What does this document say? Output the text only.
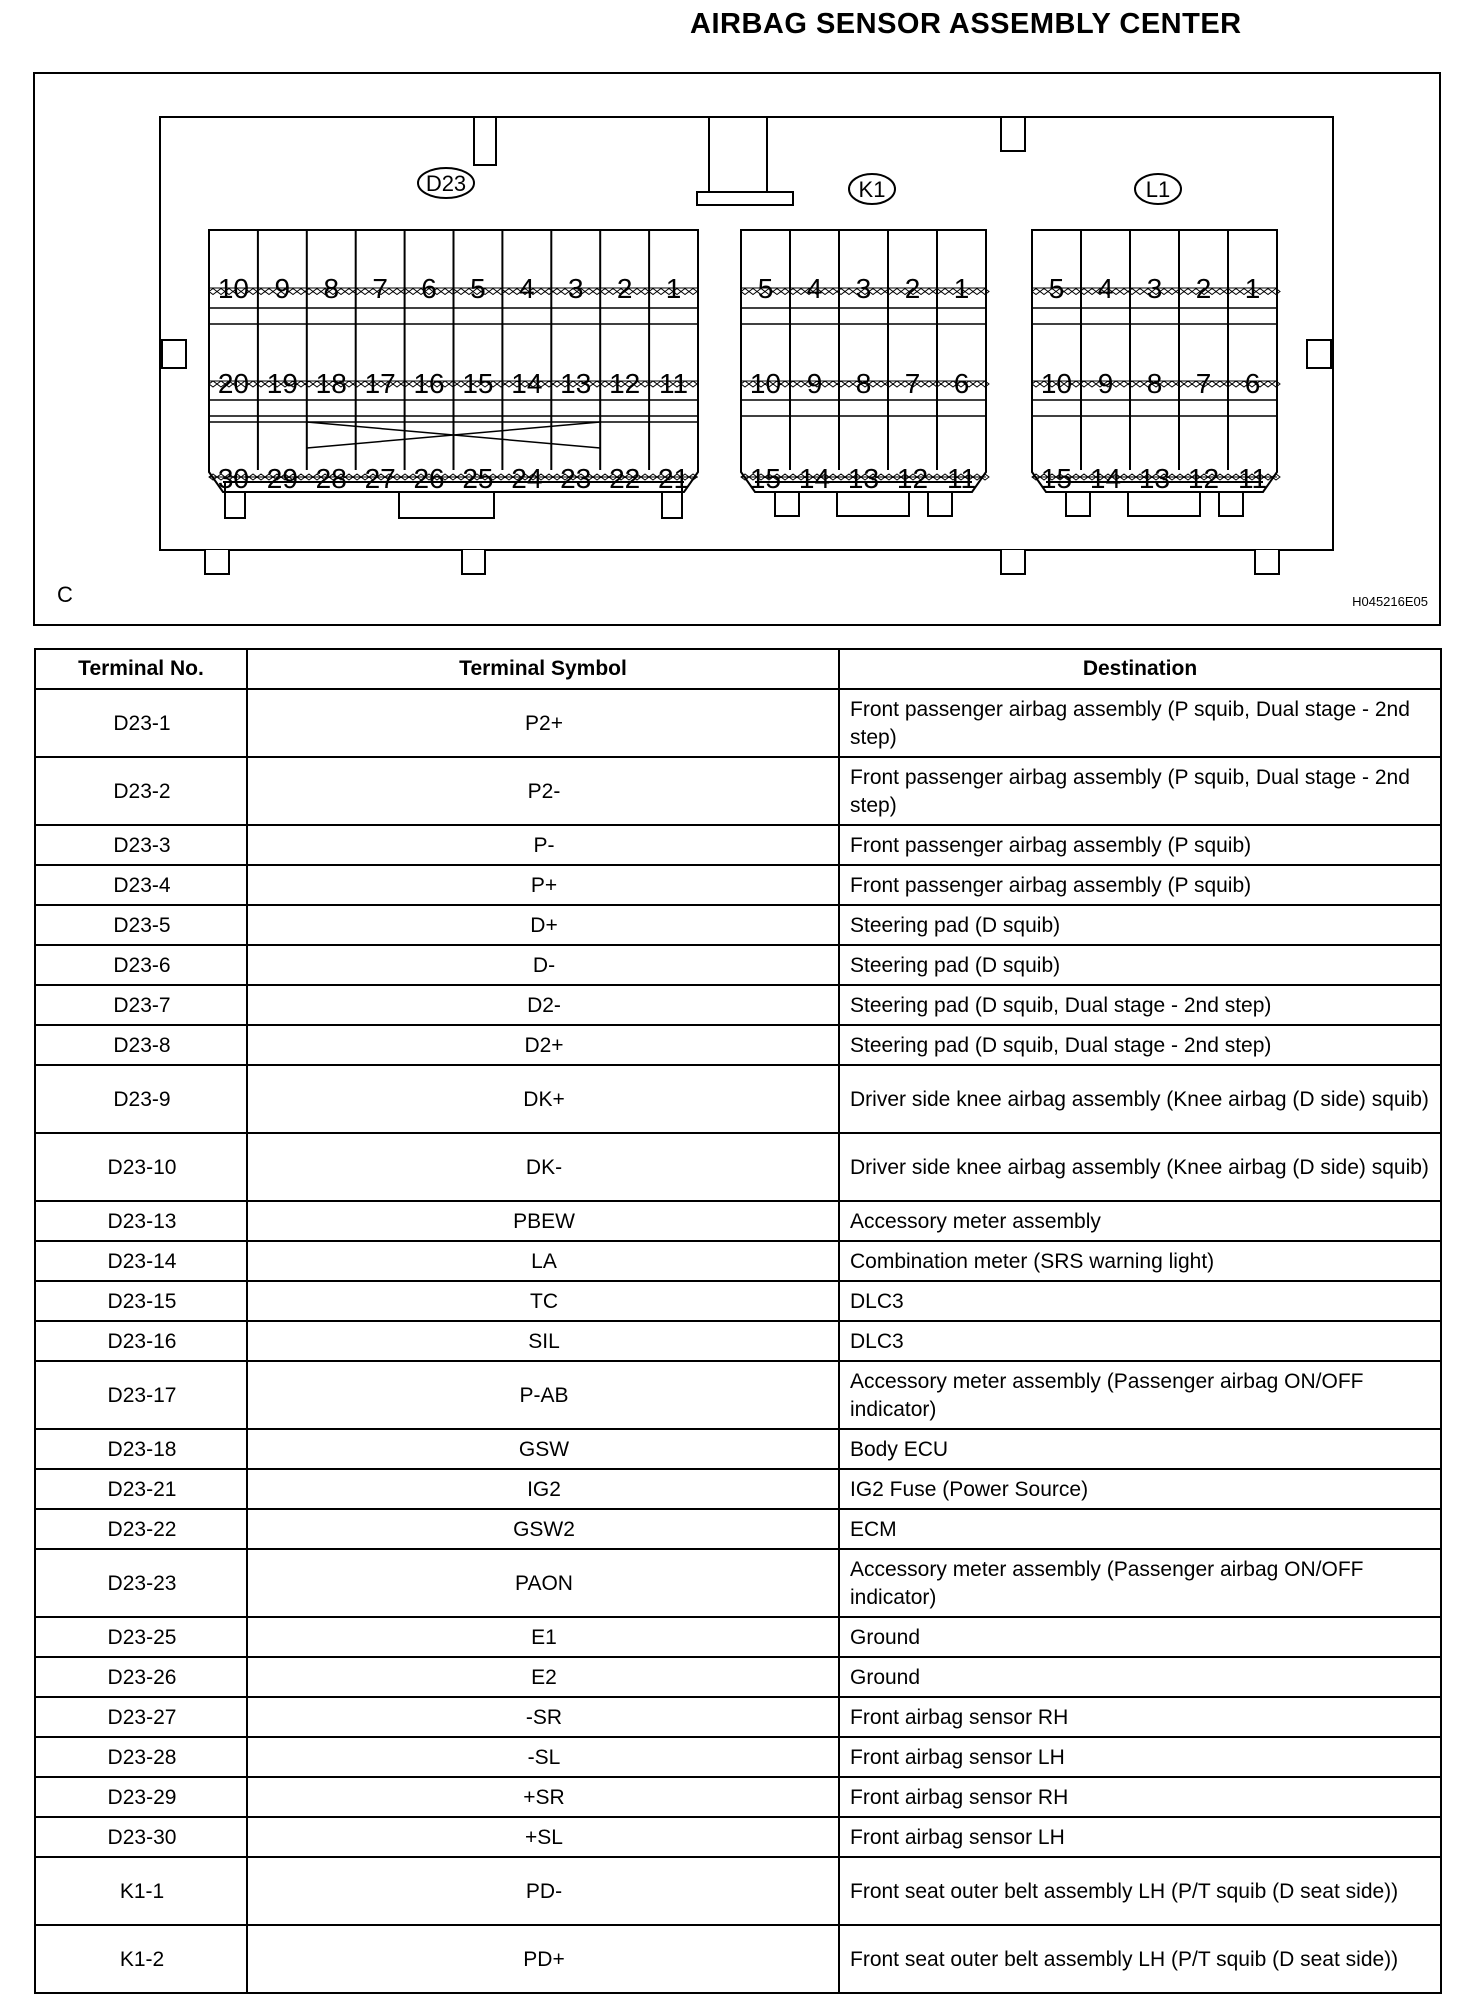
AIRBAG SENSOR ASSEMBLY CENTER
D23
10 9 8 7 6 5 4 3 2 1
20 19 18 17 16 15 14 13 12 11
30 29 28 27 26 25 24 23 22 21
K1
5 4 3 2 1
10 9 8 7 6
15 14 13 12 11
L1
5 4 3 2 1
10 9 8 7 6
15 14 13 12 11
C	H045216E05
Terminal No.	Terminal Symbol	Destination
D23-1	P2+	Front passenger airbag assembly (P squib, Dual stage - 2nd step)
D23-2	P2-	Front passenger airbag assembly (P squib, Dual stage - 2nd step)
D23-3	P-	Front passenger airbag assembly (P squib)
D23-4	P+	Front passenger airbag assembly (P squib)
D23-5	D+	Steering pad (D squib)
D23-6	D-	Steering pad (D squib)
D23-7	D2-	Steering pad (D squib, Dual stage - 2nd step)
D23-8	D2+	Steering pad (D squib, Dual stage - 2nd step)
D23-9	DK+	Driver side knee airbag assembly (Knee airbag (D side) squib)
D23-10	DK-	Driver side knee airbag assembly (Knee airbag (D side) squib)
D23-13	PBEW	Accessory meter assembly
D23-14	LA	Combination meter (SRS warning light)
D23-15	TC	DLC3
D23-16	SIL	DLC3
D23-17	P-AB	Accessory meter assembly (Passenger airbag ON/OFF indicator)
D23-18	GSW	Body ECU
D23-21	IG2	IG2 Fuse (Power Source)
D23-22	GSW2	ECM
D23-23	PAON	Accessory meter assembly (Passenger airbag ON/OFF indicator)
D23-25	E1	Ground
D23-26	E2	Ground
D23-27	-SR	Front airbag sensor RH
D23-28	-SL	Front airbag sensor LH
D23-29	+SR	Front airbag sensor RH
D23-30	+SL	Front airbag sensor LH
K1-1	PD-	Front seat outer belt assembly LH (P/T squib (D seat side))
K1-2	PD+	Front seat outer belt assembly LH (P/T squib (D seat side))
